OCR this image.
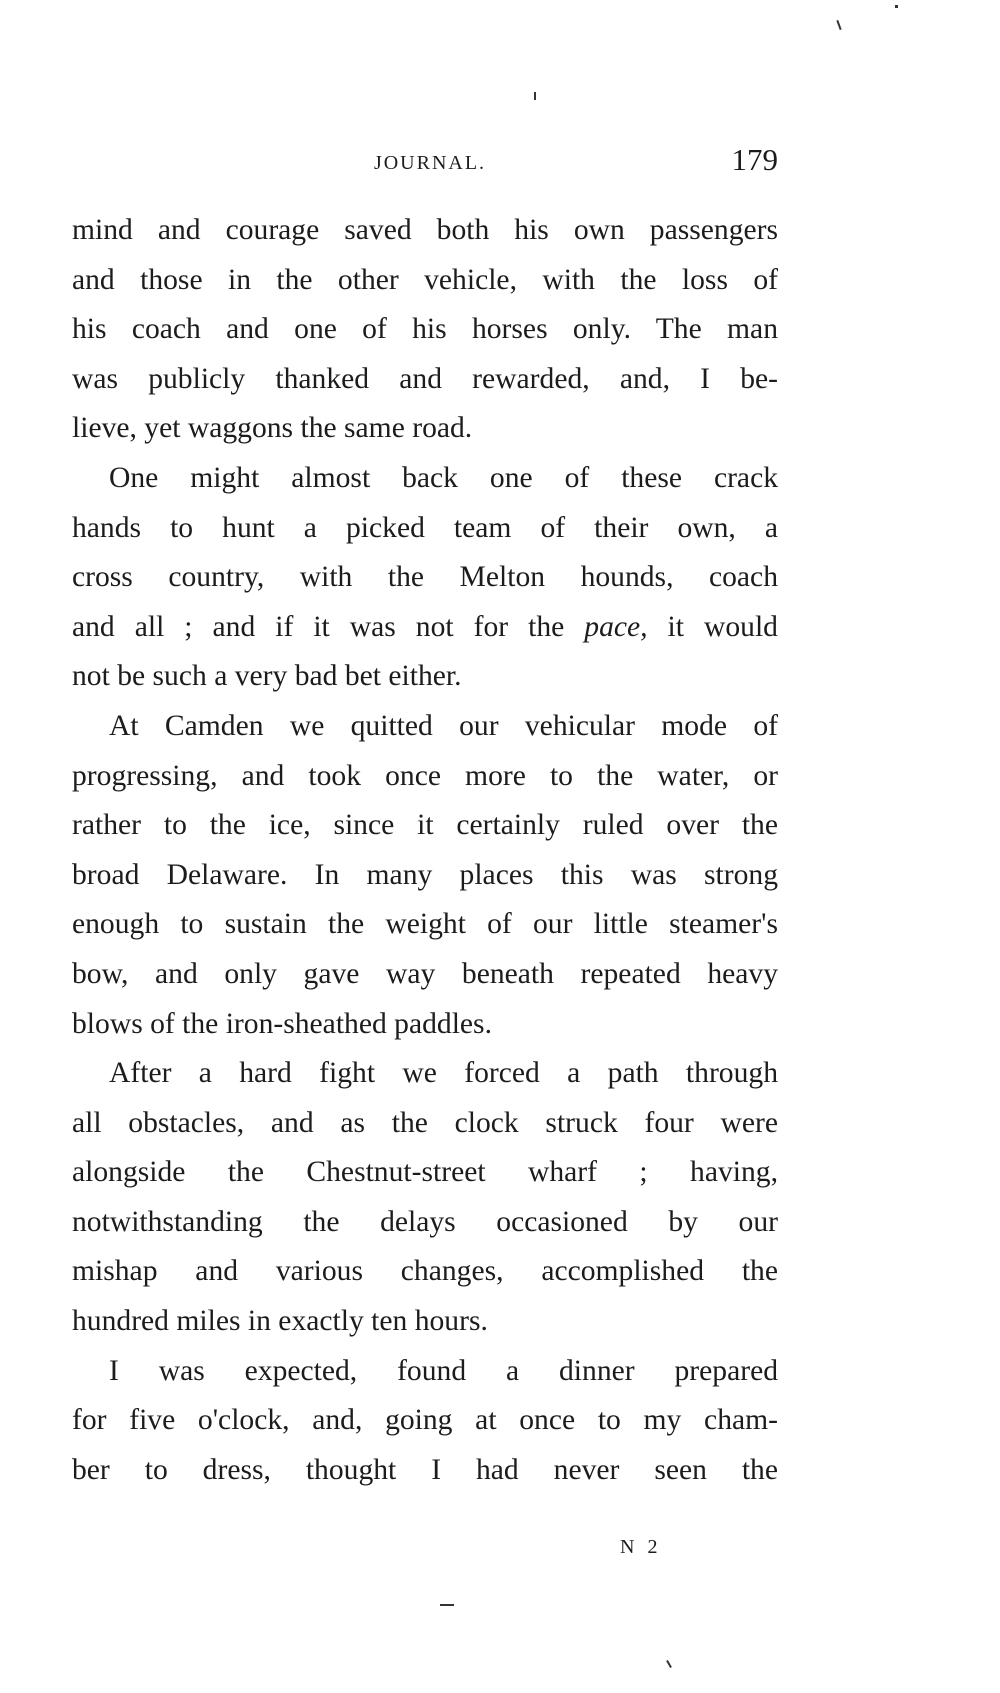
JOURNAL.	179

mind and courage saved both his own passengers

and those in the other vehicle, with the loss of

his coach and one of his horses only. The man

was publicly thanked and rewarded, and, I be-

lieve, yet waggons the same road.

One might almost back one of these crack

hands to hunt a picked team of their own, a

cross country, with the Melton hounds, coach

and all ; and if it was not for the pace, it would

not be such a very bad bet either.

At Camden we quitted our vehicular mode of

progressing, and took once more to the water, or

rather to the ice, since it certainly ruled over the

broad Delaware. In many places this was strong

enough to sustain the weight of our little steamer's

bow, and only gave way beneath repeated heavy

blows of the iron-sheathed paddles.

After a hard fight we forced a path through

all obstacles, and as the clock struck four were

alongside the Chestnut-street wharf ; having,

notwithstanding the delays occasioned by our

mishap and various changes, accomplished the

hundred miles in exactly ten hours.

I was expected, found a dinner prepared

for five o'clock, and, going at once to my cham-

ber to dress, thought I had never seen the

N 2
